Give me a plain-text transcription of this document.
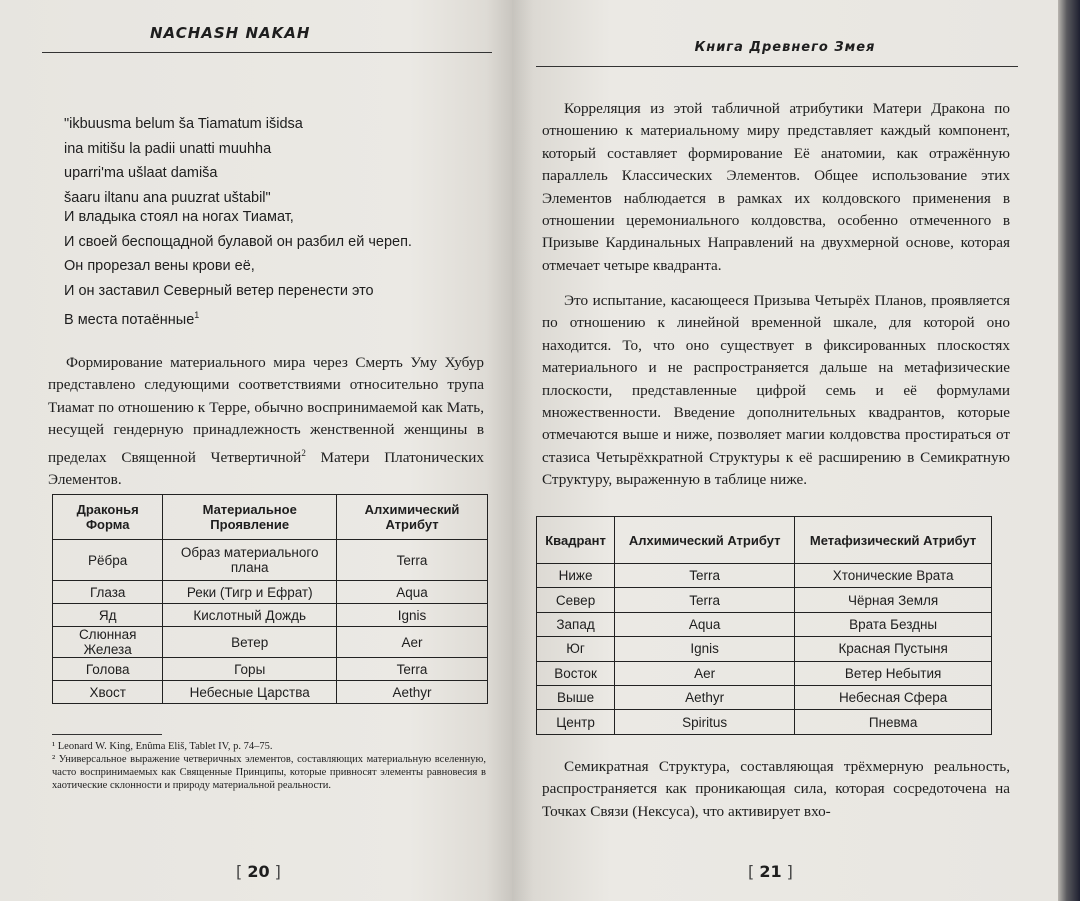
NACHASH NAKAH
"ikbuusma belum ša Tiamatum išidsa
ina mitišu la padii unatti muuhha
uparri'ma ušlaat damiša
šaaru iltanu ana puuzrat uštabil"
И владыка стоял на ногах Тиамат,
И своей беспощадной булавой он разбил ей череп.
Он прорезал вены крови её,
И он заставил Северный ветер перенести это
В места потаённые$^1$
Формирование материального мира через Смерть Уму Хубур представлено следующими соответствиями относительно трупа Тиамат по отношению к Терре, обычно воспринимаемой как Мать, несущей гендерную принадлежность женственной женщины в пределах Священной Четвертичной$^2$ Матери Платонических Элементов.
Драконья Форма	Материальное Проявление	Алхимический Атрибут
Рёбра	Образ материального плана	Terra
Глаза	Реки (Тигр и Ефрат)	Aqua
Яд	Кислотный Дождь	Ignis
Слюнная Железа	Ветер	Aer
Голова	Горы	Terra
Хвост	Небесные Царства	Aethyr

¹ Leonard W. King, Enûma Eliš, Tablet IV, p. 74–75.

² Универсальное выражение четверичных элементов, составляющих материальную вселенную, часто воспринимаемых как Священные Принципы, которые привносят элементы равновесия в хаотические склонности и природу материальной реальности.

[ 20 ]
Книга Древнего Змея
Корреляция из этой табличной атрибутики Матери Дракона по отношению к материальному миру представляет каждый компонент, который составляет формирование Её анатомии, как отражённую параллель Классических Элементов. Общее использование этих Элементов наблюдается в рамках их колдовского применения в отношении церемониального колдовства, особенно отмеченного в Призыве Кардинальных Направлений на двухмерной основе, которая отмечает четыре квадранта.
Это испытание, касающееся Призыва Четырёх Планов, проявляется по отношению к линейной временной шкале, для которой оно находится. То, что оно существует в фиксированных плоскостях материального и не распространяется дальше на метафизические плоскости, представленные цифрой семь и её формулами множественности. Введение дополнительных квадрантов, которые отмечаются выше и ниже, позволяет магии колдовства простираться от стазиса Четырёхкратной Структуры к её расширению в Семикратную Структуру, выраженную в таблице ниже.
Семикратная Структура, составляющая трёхмерную реальность, распространяется как проникающая сила, которая сосредоточена на Точках Связи (Нексуса), что активирует вхо-
[ 21 ]
Квадрант	Алхимический Атрибут	Метафизический Атрибут
Ниже	Terra	Хтонические Врата
Север	Terra	Чёрная Земля
Запад	Aqua	Врата Бездны
Юг	Ignis	Красная Пустыня
Восток	Aer	Ветер Небытия
Выше	Aethyr	Небесная Сфера
Центр	Spiritus	Пневма
